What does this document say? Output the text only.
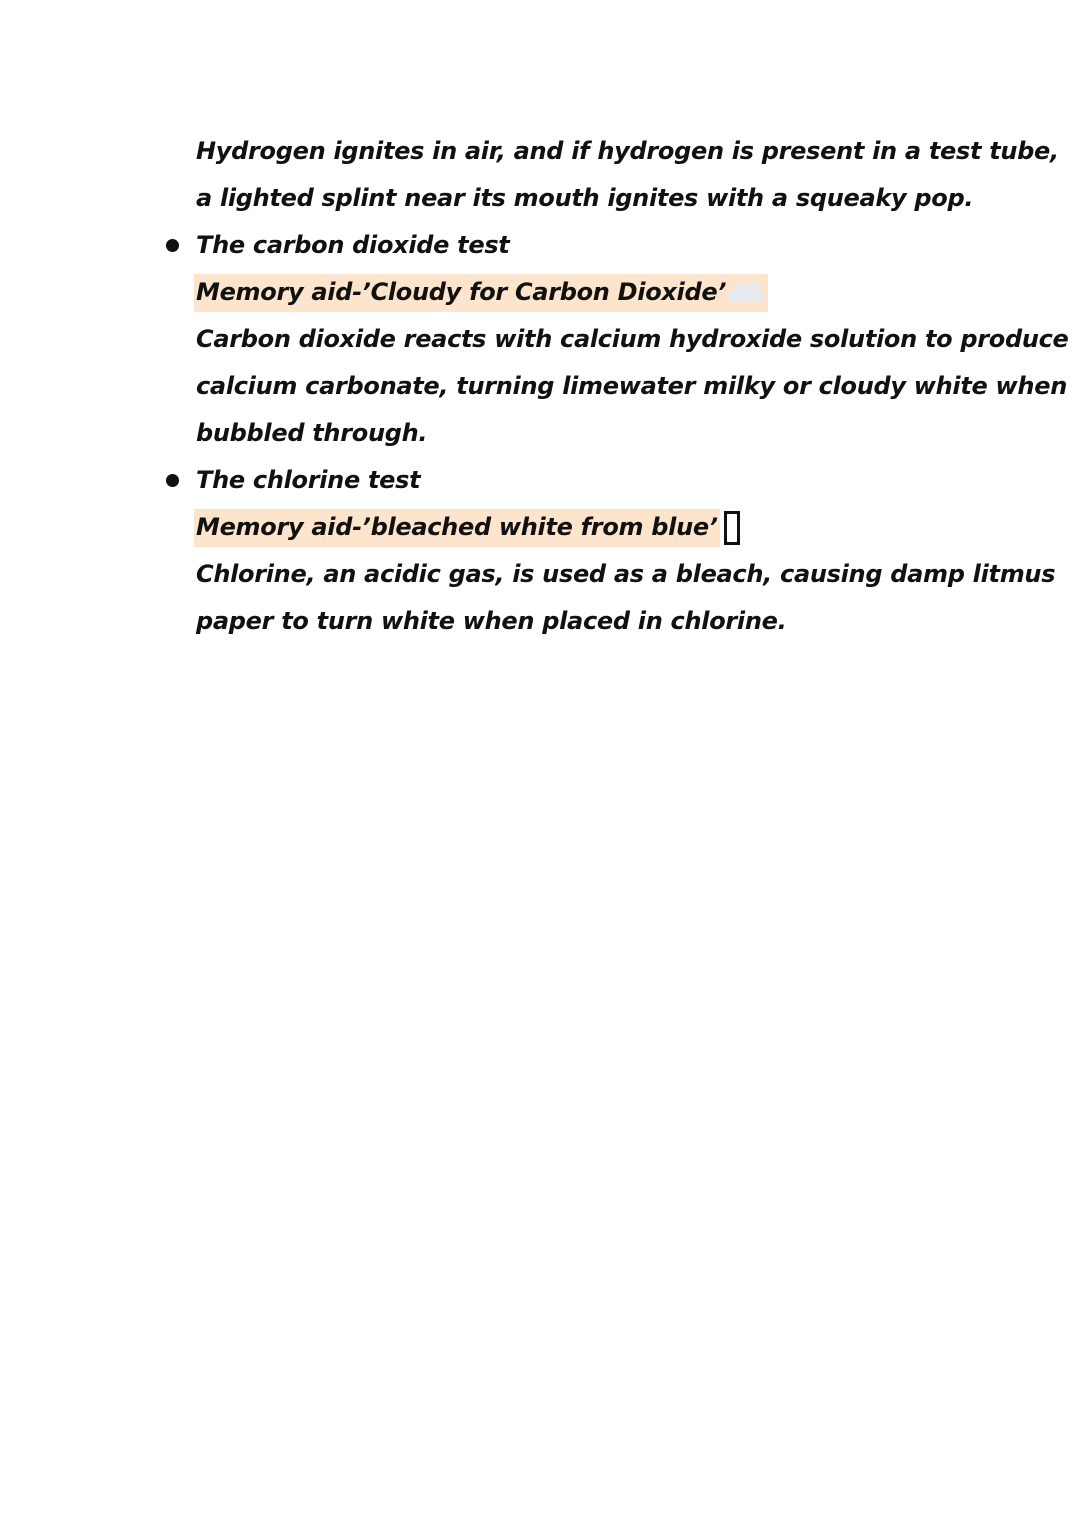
Hydrogen ignites in air, and if hydrogen is present in a test tube,
a lighted splint near its mouth ignites with a squeaky pop.
The carbon dioxide test
Memory aid-’Cloudy for Carbon Dioxide’
Carbon dioxide reacts with calcium hydroxide solution to produce
calcium carbonate, turning limewater milky or cloudy white when
bubbled through.
The chlorine test
Memory aid-’bleached white from blue’
Chlorine, an acidic gas, is used as a bleach, causing damp litmus
paper to turn white when placed in chlorine.
